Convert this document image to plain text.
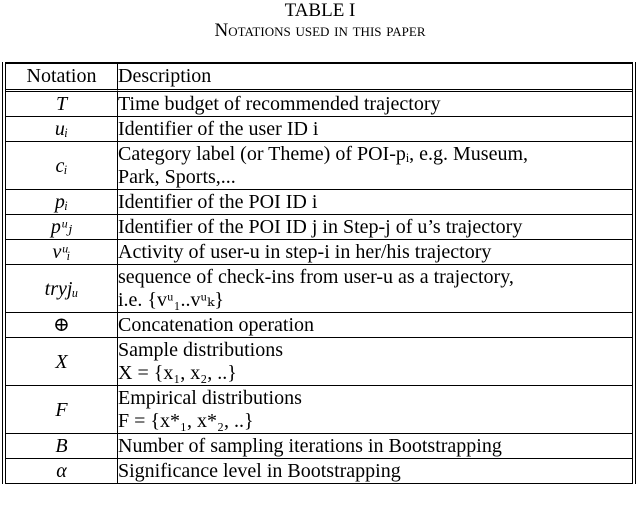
TABLE I
Notations used in this paper
Notation	Description
T	Time budget of recommended trajectory

uᵢ	Identifier of the user ID i

cᵢ	Category label (or Theme) of POI-pᵢ, e.g. Museum,
Park, Sports,...

pᵢ	Identifier of the POI ID i

pᵘⱼ	Identifier of the POI ID j in Step-j of u’s trajectory

vᵘᵢ	Activity of user-u in step-i in her/his trajectory

tryjᵤ	sequence of check-ins from user-u as a trajectory,
i.e. {vᵘ₁..vᵘₖ}

⊕	Concatenation operation

X	Sample distributions
X = {x₁, x₂, ..}

F	Empirical distributions
F = {x*₁, x*₂, ..}

B	Number of sampling iterations in Bootstrapping

α	Significance level in Bootstrapping
